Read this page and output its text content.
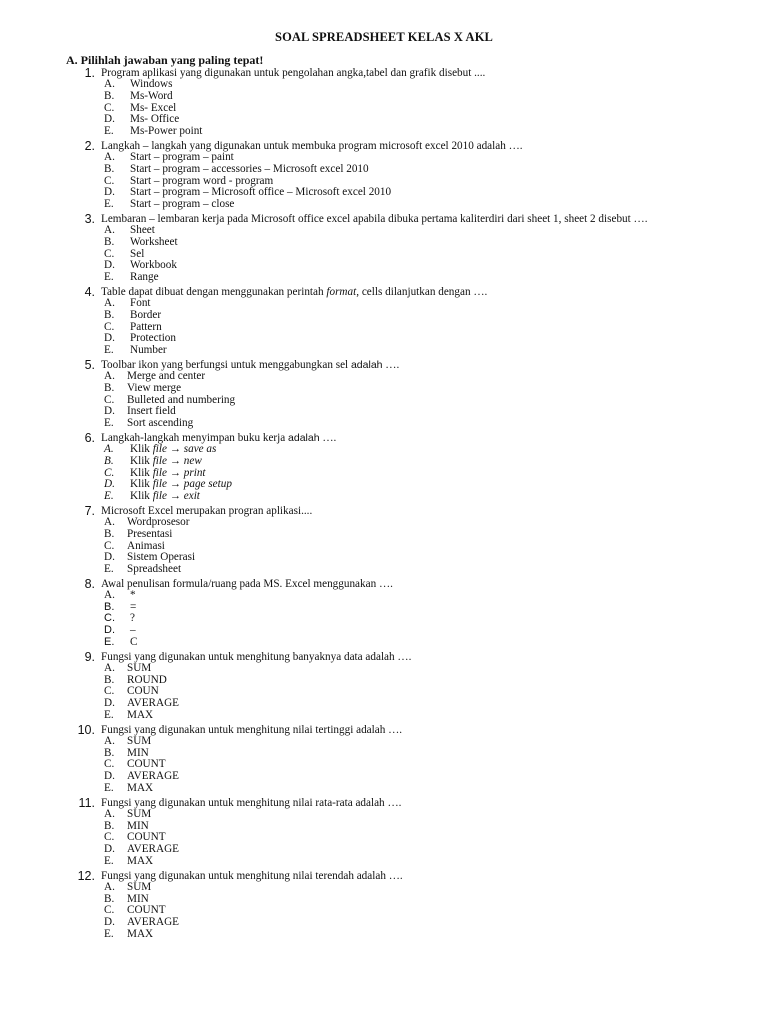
SOAL SPREADSHEET KELAS X AKL
A. Pilihlah jawaban yang paling tepat!
1. Program aplikasi yang digunakan untuk pengolahan angka,tabel dan grafik disebut ....
A.	Windows
B.	Ms-Word
C.	Ms- Excel
D.	Ms- Office
E.	Ms-Power point
2. Langkah – langkah yang digunakan untuk membuka program microsoft excel 2010 adalah ….
A.	Start – program – paint
B.	Start – program – accessories – Microsoft excel 2010
C.	Start – program word - program
D.	Start – program – Microsoft office – Microsoft excel 2010
E.	Start – program – close
3. Lembaran – lembaran kerja pada Microsoft office excel apabila dibuka pertama kaliterdiri dari sheet 1, sheet 2 disebut ….
A.	Sheet
B.	Worksheet
C.	Sel
D.	Workbook
E.	Range
4. Table dapat dibuat dengan menggunakan perintah format, cells dilanjutkan dengan ….
A.	Font
B.	Border
C.	Pattern
D.	Protection
E.	Number
5. Toolbar ikon yang berfungsi untuk menggabungkan sel adalah ….
A.	Merge and center
B.	View merge
C.	Bulleted and numbering
D.	Insert field
E.	Sort ascending
6. Langkah-langkah menyimpan buku kerja adalah ….
A.	Klik file → save as
B.	Klik file → new
C.	Klik file → print
D.	Klik file → page setup
E.	Klik file → exit
7. Microsoft Excel merupakan progran aplikasi....
A.	Wordprosesor
B.	Presentasi
C.	Animasi
D.	Sistem Operasi
E.	Spreadsheet
8. Awal penulisan formula/ruang pada MS. Excel menggunakan ….
A.	*
B.	=
C.	?
D.	–
E.	C
9. Fungsi yang digunakan untuk menghitung banyaknya data adalah ….
A.	SUM
B.	ROUND
C.	COUN
D.	AVERAGE
E.	MAX
10. Fungsi yang digunakan untuk menghitung nilai tertinggi adalah ….
A.	SUM
B.	MIN
C.	COUNT
D.	AVERAGE
E.	MAX
11. Fungsi yang digunakan untuk menghitung nilai rata-rata adalah ….
A.	SUM
B.	MIN
C.	COUNT
D.	AVERAGE
E.	MAX
12. Fungsi yang digunakan untuk menghitung nilai terendah adalah ….
A.	SUM
B.	MIN
C.	COUNT
D.	AVERAGE
E.	MAX
